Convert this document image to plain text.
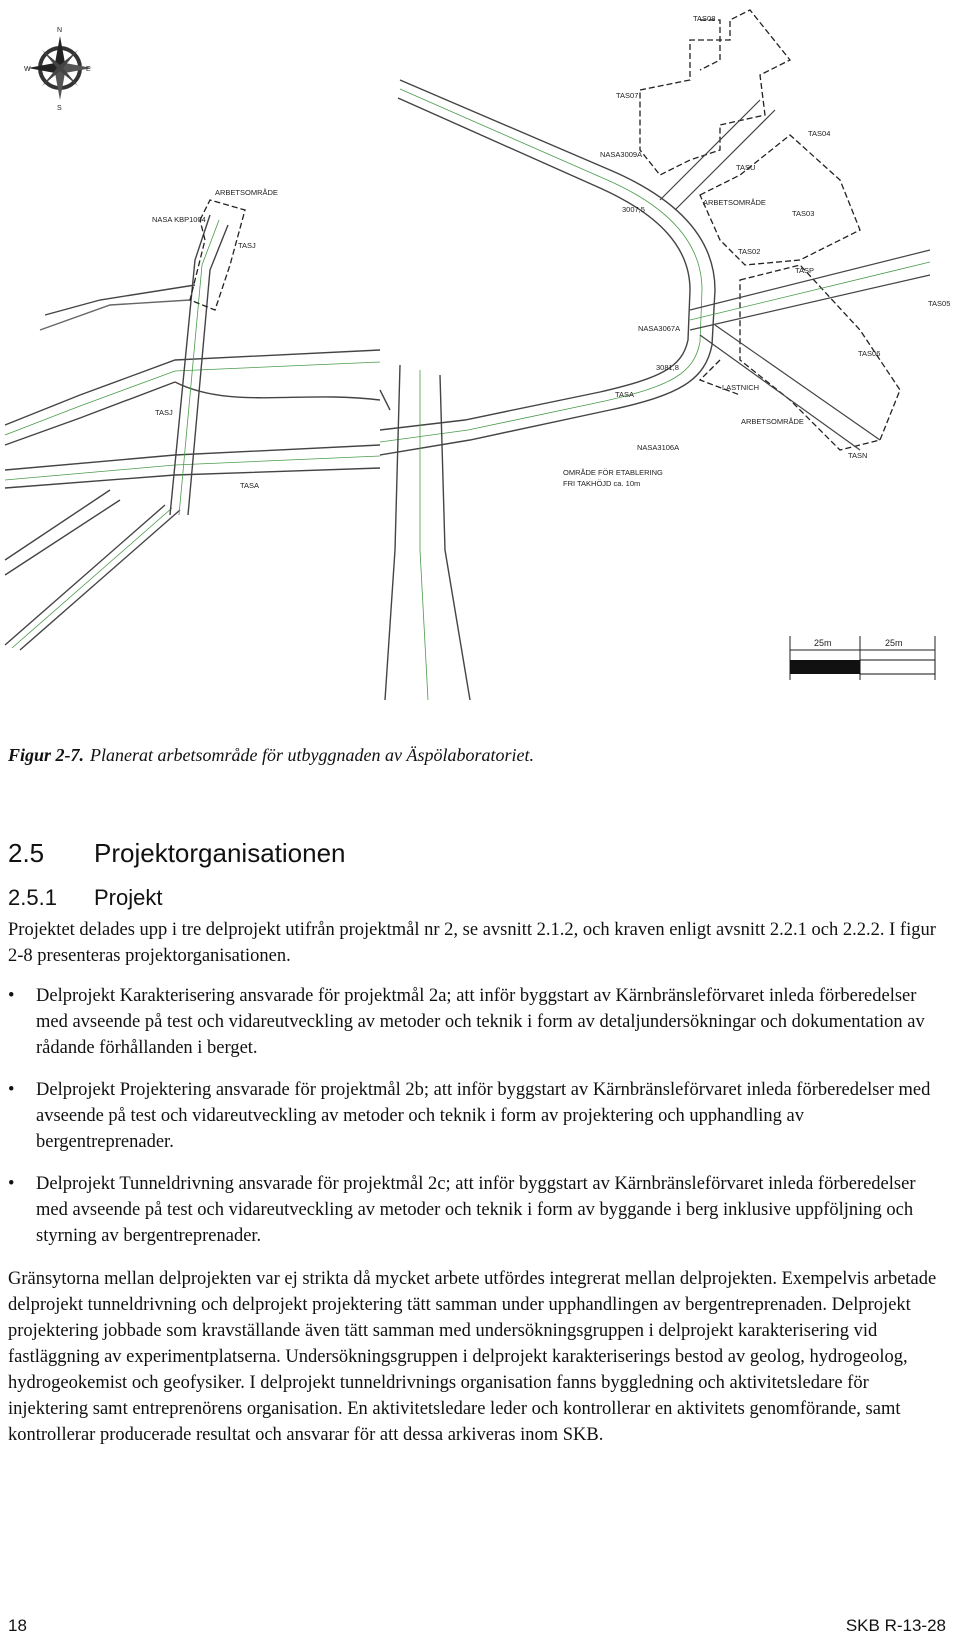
N
E
S
W
ARBETSOMRÅDE
NASA KBP1004
TASJ
TASJ
TASA
TAS08
TAS07
NASA3009A
3007,5
TASU
ARBETSOMRÅDE
TAS04
TAS03
TAS02
TASP
TAS05
NASA3067A
TAS06
3081,8
TASA
LASTNICH
ARBETSOMRÅDE
NASA3106A
TASN
OMRÅDE FÖR ETABLERING
FRI TAKHÖJD ca. 10m
25m	25m
Figur 2-7. Planerat arbetsområde för utbyggnaden av Äspölaboratoriet.
2.5 Projektorganisationen
2.5.1 Projekt

Projektet delades upp i tre delprojekt utifrån projektmål nr 2, se avsnitt 2.1.2, och kraven enligt avsnitt 2.2.1 och 2.2.2. I figur 2-8 presenteras projektorganisationen.

• Delprojekt Karakterisering ansvarade för projektmål 2a; att inför byggstart av Kärnbränsleförvaret inleda förberedelser med avseende på test och vidareutveckling av metoder och teknik i form av detaljundersökningar och dokumentation av rådande förhållanden i berget.

• Delprojekt Projektering ansvarade för projektmål 2b; att inför byggstart av Kärnbränsleförvaret inleda förberedelser med avseende på test och vidareutveckling av metoder och teknik i form av projektering och upphandling av bergentreprenader.

• Delprojekt Tunneldrivning ansvarade för projektmål 2c; att inför byggstart av Kärnbränsleförvaret inleda förberedelser med avseende på test och vidareutveckling av metoder och teknik i form av byggande i berg inklusive uppföljning och styrning av bergentreprenader.

Gränsytorna mellan delprojekten var ej strikta då mycket arbete utfördes integrerat mellan delprojekten. Exempelvis arbetade delprojekt tunneldrivning och delprojekt projektering tätt samman under upphandlingen av bergentreprenaden. Delprojekt projektering jobbade som kravställande även tätt samman med undersökningsgruppen i delprojekt karakterisering vid fastläggning av experimentplatserna. Undersökningsgruppen i delprojekt karakteriserings bestod av geolog, hydrogeolog, hydrogeokemist och geofysiker. I delprojekt tunneldrivnings organisation fanns byggledning och aktivitetsledare för injektering samt entreprenörens organisation. En aktivitetsledare leder och kontrollerar en aktivitets genomförande, samt kontrollerar producerade resultat och ansvarar för att dessa arkiveras inom SKB.

18	SKB R-13-28
